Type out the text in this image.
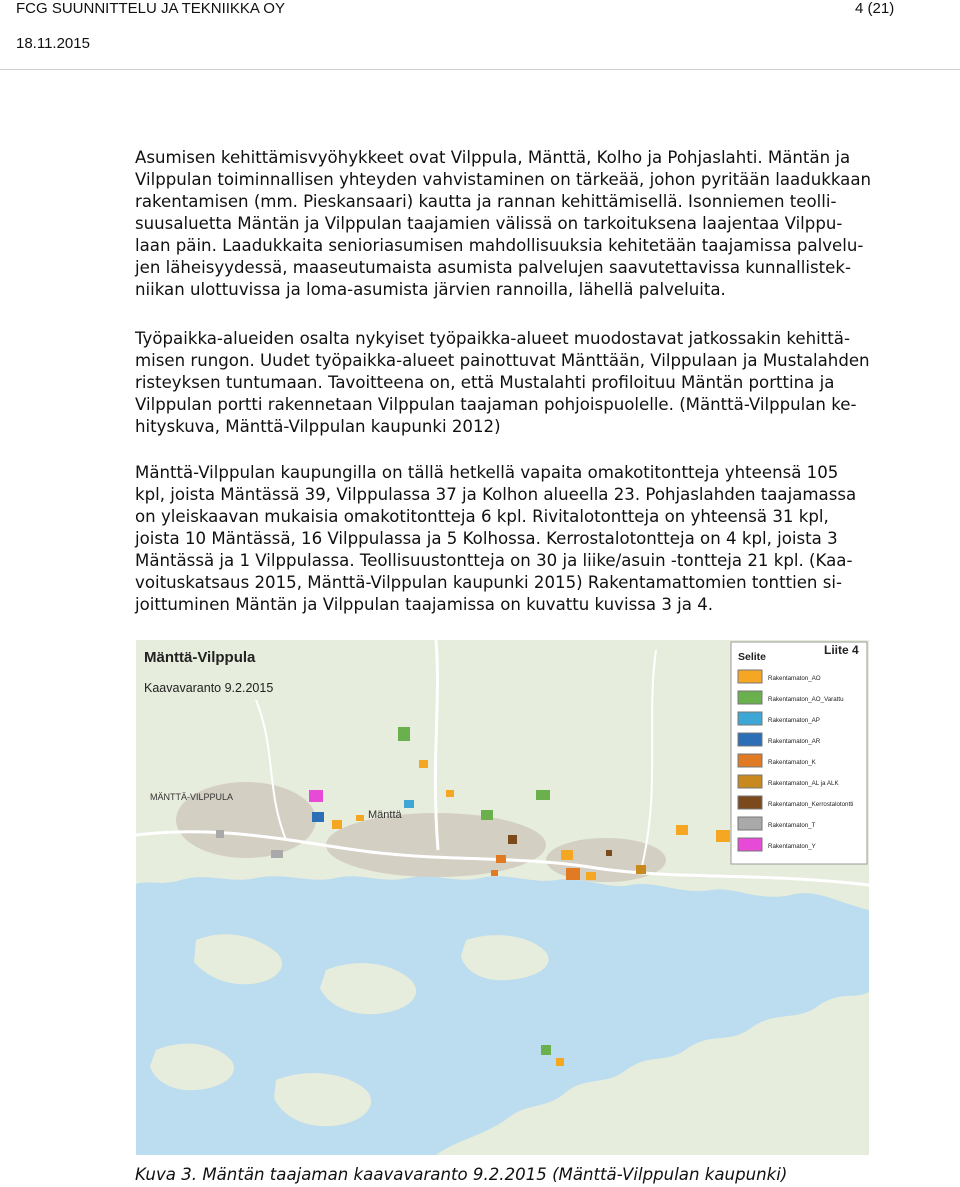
FCG SUUNNITTELU JA TEKNIIKKA OY	4 (21)
18.11.2015

Asumisen kehittämisvyöhykkeet ovat Vilppula, Mänttä, Kolho ja Pohjaslahti. Mäntän ja
Vilppulan toiminnallisen yhteyden vahvistaminen on tärkeää, johon pyritään laadukkaan
rakentamisen (mm. Pieskansaari) kautta ja rannan kehittämisellä. Isonniemen teolli-
suusaluetta Mäntän ja Vilppulan taajamien välissä on tarkoituksena laajentaa Vilppu-
laan päin. Laadukkaita senioriasumisen mahdollisuuksia kehitetään taajamissa palvelu-
jen läheisyydessä, maaseutumaista asumista palvelujen saavutettavissa kunnallistek-
niikan ulottuvissa ja loma-asumista järvien rannoilla, lähellä palveluita.

Työpaikka-alueiden osalta nykyiset työpaikka-alueet muodostavat jatkossakin kehittä-
misen rungon. Uudet työpaikka-alueet painottuvat Mänttään, Vilppulaan ja Mustalahden
risteyksen tuntumaan. Tavoitteena on, että Mustalahti profiloituu Mäntän porttina ja
Vilppulan portti rakennetaan Vilppulan taajaman pohjoispuolelle. (Mänttä-Vilppulan ke-
hityskuva, Mänttä-Vilppulan kaupunki 2012)

Mänttä-Vilppulan kaupungilla on tällä hetkellä vapaita omakotitontteja yhteensä 105
kpl, joista Mäntässä 39, Vilppulassa 37 ja Kolhon alueella 23. Pohjaslahden taajamassa
on yleiskaavan mukaisia omakotitontteja 6 kpl. Rivitalotontteja on yhteensä 31 kpl,
joista 10 Mäntässä, 16 Vilppulassa ja 5 Kolhossa. Kerrostalotontteja on 4 kpl, joista 3
Mäntässä ja 1 Vilppulassa. Teollisuustontteja on 30 ja liike/asuin -tontteja 21 kpl. (Kaa-
voituskatsaus 2015, Mänttä-Vilppulan kaupunki 2015) Rakentamattomien tonttien si-
joittuminen Mäntän ja Vilppulan taajamissa on kuvattu kuvissa 3 ja 4.

Mänttä-Vilppula
Kaavavaranto 9.2.2015
MÄNTTÄ-VILPPULA
Mänttä
Selite	Liite 4
Rakentamaton_AO
Rakentamaton_AO_Varattu
Rakentamaton_AP
Rakentamaton_AR
Rakentamaton_K
Rakentamaton_AL ja ALK
Rakentamaton_Kerrostalotontti
Rakentamaton_T
Rakentamaton_Y
Kuva 3. Mäntän taajaman kaavavaranto 9.2.2015 (Mänttä-Vilppulan kaupunki)
